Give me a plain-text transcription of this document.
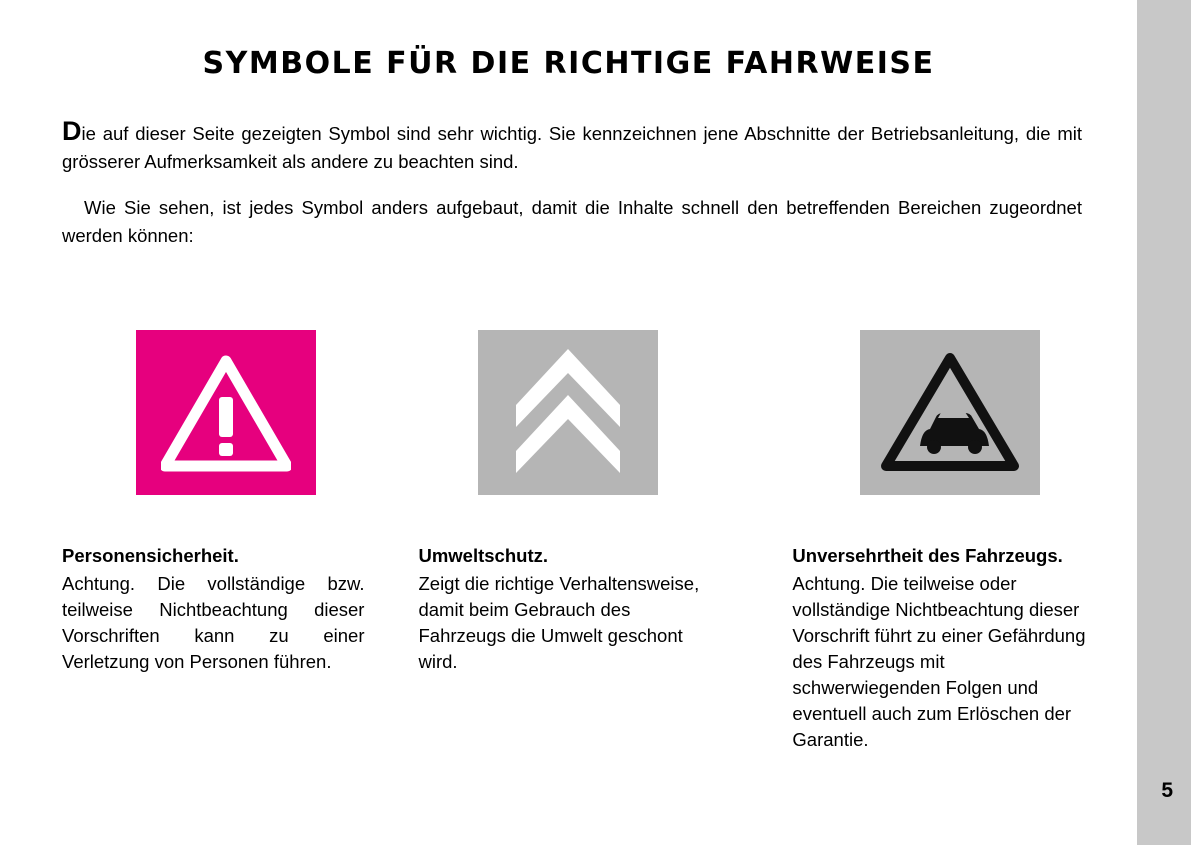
5
SYMBOLE FÜR DIE RICHTIGE FAHRWEISE

Die auf dieser Seite gezeigten Symbol sind sehr wichtig. Sie kennzeichnen jene Abschnitte der Betriebsanleitung, die mit grösserer Aufmerksamkeit als andere zu beachten sind.

Wie Sie sehen, ist jedes Symbol anders aufgebaut, damit die Inhalte schnell den betreffenden Bereichen zugeordnet werden können:

Personensicherheit.
Achtung. Die vollständige bzw. teilweise Nichtbeachtung dieser Vorschriften kann zu einer Verletzung von Personen führen.
Umweltschutz.
Zeigt die richtige Verhaltensweise, damit beim Gebrauch des Fahrzeugs die Umwelt geschont wird.
Unversehrtheit des Fahrzeugs.
Achtung. Die teilweise oder vollständige Nichtbeachtung dieser Vorschrift führt zu einer Gefährdung des Fahrzeugs mit schwerwiegenden Folgen und eventuell auch zum Erlöschen der Garantie.
